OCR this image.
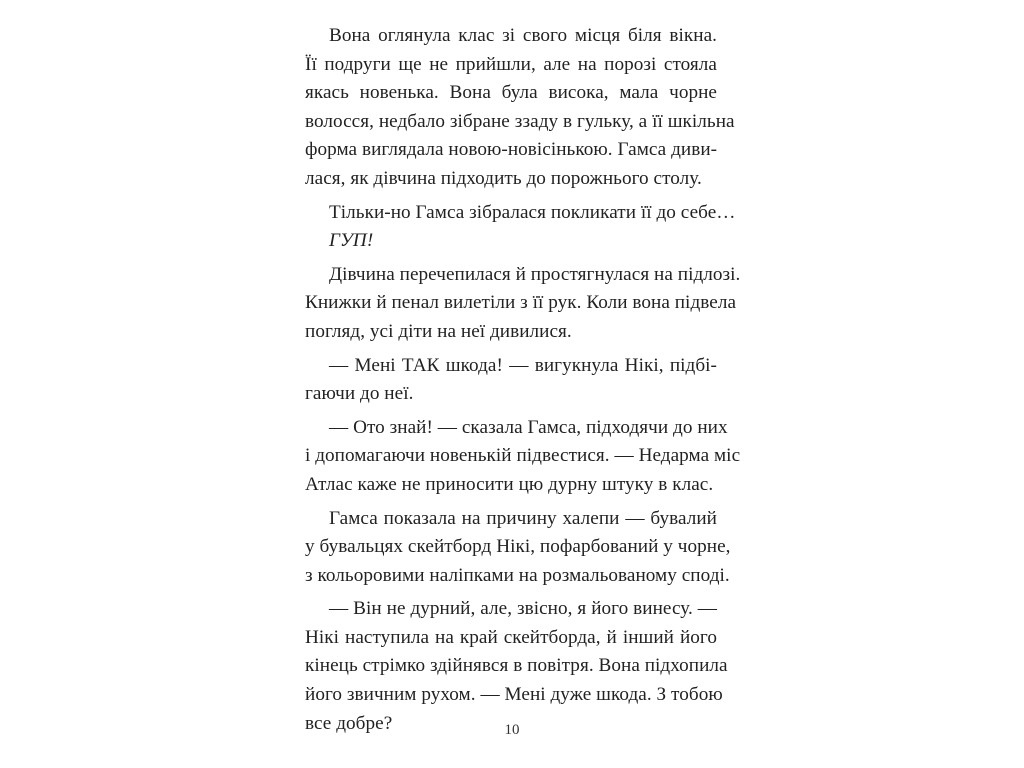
Вона оглянула клас зі свого місця біля вікна.
Її подруги ще не прийшли, але на порозі стояла
якась новенька. Вона була висока, мала чорне
волосся, недбало зібране ззаду в гульку, а її шкільна
форма виглядала новою-новісінькою. Гамса диви-
лася, як дівчина підходить до порожнього столу.
Тільки-но Гамса зібралася покликати її до себе…
ГУП!
Дівчина перечепилася й простягнулася на підлозі.
Книжки й пенал вилетіли з її рук. Коли вона підвела
погляд, усі діти на неї дивилися.
— Мені ТАК шкода! — вигукнула Нікі, підбі-
гаючи до неї.
— Ото знай! — сказала Гамса, підходячи до них
і допомагаючи новенькій підвестися. — Недарма міс
Атлас каже не приносити цю дурну штуку в клас.
Гамса показала на причину халепи — бувалий
у бувальцях скейтборд Нікі, пофарбований у чорне,
з кольоровими наліпками на розмальованому споді.
— Він не дурний, але, звісно, я його винесу. —
Нікі наступила на край скейтборда, й інший його
кінець стрімко здійнявся в повітря. Вона підхопила
його звичним рухом. — Мені дуже шкода. З тобою
все добре?	10
